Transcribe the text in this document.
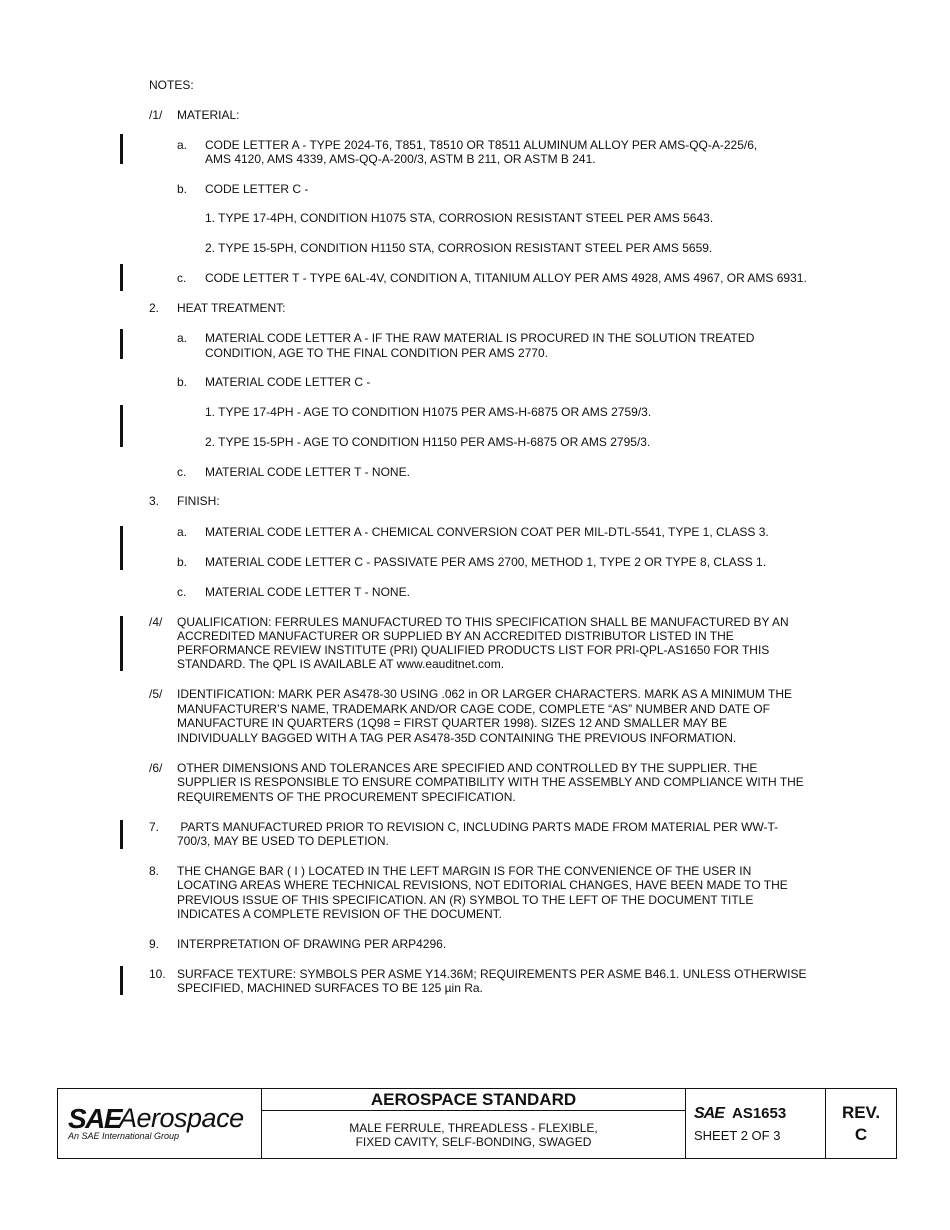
NOTES:

/1/ MATERIAL:

a. CODE LETTER A - TYPE 2024-T6, T851, T8510 OR T8511 ALUMINUM ALLOY PER AMS-QQ-A-225/6,

AMS 4120, AMS 4339, AMS-QQ-A-200/3, ASTM B 211, OR ASTM B 241.

b. CODE LETTER C -

1. TYPE 17-4PH, CONDITION H1075 STA, CORROSION RESISTANT STEEL PER AMS 5643.

2. TYPE 15-5PH, CONDITION H1150 STA, CORROSION RESISTANT STEEL PER AMS 5659.

c. CODE LETTER T - TYPE 6AL-4V, CONDITION A, TITANIUM ALLOY PER AMS 4928, AMS 4967, OR AMS 6931.

2. HEAT TREATMENT:

a. MATERIAL CODE LETTER A - IF THE RAW MATERIAL IS PROCURED IN THE SOLUTION TREATED

CONDITION, AGE TO THE FINAL CONDITION PER AMS 2770.

b. MATERIAL CODE LETTER C -

1. TYPE 17-4PH - AGE TO CONDITION H1075 PER AMS-H-6875 OR AMS 2759/3.

2. TYPE 15-5PH - AGE TO CONDITION H1150 PER AMS-H-6875 OR AMS 2795/3.

c. MATERIAL CODE LETTER T - NONE.

3. FINISH:

a. MATERIAL CODE LETTER A - CHEMICAL CONVERSION COAT PER MIL-DTL-5541, TYPE 1, CLASS 3.

b. MATERIAL CODE LETTER C - PASSIVATE PER AMS 2700, METHOD 1, TYPE 2 OR TYPE 8, CLASS 1.

c. MATERIAL CODE LETTER T - NONE.

/4/ QUALIFICATION: FERRULES MANUFACTURED TO THIS SPECIFICATION SHALL BE MANUFACTURED BY AN

ACCREDITED MANUFACTURER OR SUPPLIED BY AN ACCREDITED DISTRIBUTOR LISTED IN THE

PERFORMANCE REVIEW INSTITUTE (PRI) QUALIFIED PRODUCTS LIST FOR PRI-QPL-AS1650 FOR THIS

STANDARD. The QPL IS AVAILABLE AT www.eauditnet.com.

/5/ IDENTIFICATION: MARK PER AS478-30 USING .062 in OR LARGER CHARACTERS. MARK AS A MINIMUM THE

MANUFACTURER’S NAME, TRADEMARK AND/OR CAGE CODE, COMPLETE “AS” NUMBER AND DATE OF

MANUFACTURE IN QUARTERS (1Q98 = FIRST QUARTER 1998). SIZES 12 AND SMALLER MAY BE

INDIVIDUALLY BAGGED WITH A TAG PER AS478-35D CONTAINING THE PREVIOUS INFORMATION.

/6/ OTHER DIMENSIONS AND TOLERANCES ARE SPECIFIED AND CONTROLLED BY THE SUPPLIER. THE

SUPPLIER IS RESPONSIBLE TO ENSURE COMPATIBILITY WITH THE ASSEMBLY AND COMPLIANCE WITH THE

REQUIREMENTS OF THE PROCUREMENT SPECIFICATION.

7. PARTS MANUFACTURED PRIOR TO REVISION C, INCLUDING PARTS MADE FROM MATERIAL PER WW-T-

700/3, MAY BE USED TO DEPLETION.

8. THE CHANGE BAR ( I ) LOCATED IN THE LEFT MARGIN IS FOR THE CONVENIENCE OF THE USER IN

LOCATING AREAS WHERE TECHNICAL REVISIONS, NOT EDITORIAL CHANGES, HAVE BEEN MADE TO THE

PREVIOUS ISSUE OF THIS SPECIFICATION. AN (R) SYMBOL TO THE LEFT OF THE DOCUMENT TITLE

INDICATES A COMPLETE REVISION OF THE DOCUMENT.

9. INTERPRETATION OF DRAWING PER ARP4296.

10. SURFACE TEXTURE: SYMBOLS PER ASME Y14.36M; REQUIREMENTS PER ASME B46.1. UNLESS OTHERWISE

SPECIFIED, MACHINED SURFACES TO BE 125 µin Ra.

SAE
Aerospace
An SAE International Group
AEROSPACE STANDARD
MALE FERRULE, THREADLESS - FLEXIBLE,
FIXED CAVITY, SELF-BONDING, SWAGED
SAE AS1653
SHEET 2 OF 3
REV.
C
